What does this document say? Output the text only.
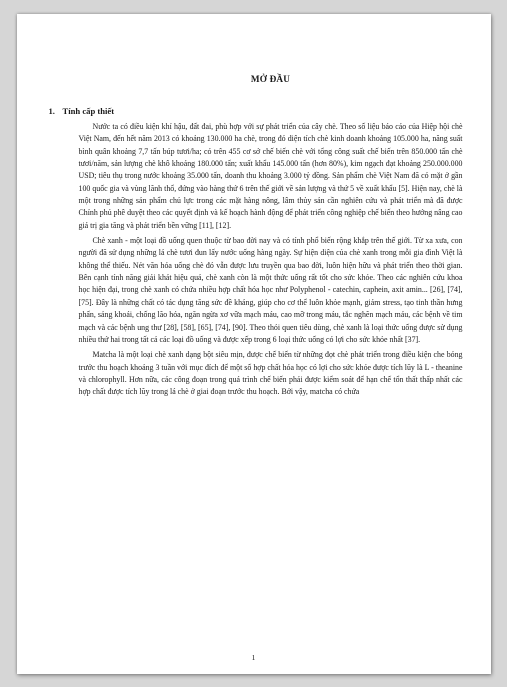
MỞ ĐẦU
1. Tính cấp thiết

Nước ta có điều kiện khí hậu, đất đai, phù hợp với sự phát triển của cây chè. Theo số liệu báo cáo của Hiệp hội chè Việt Nam, đến hết năm 2013 có khoảng 130.000 ha chè, trong đó diện tích chè kinh doanh khoảng 105.000 ha, năng suất bình quân khoảng 7,7 tấn búp tươi/ha; có trên 455 cơ sở chế biến chè với tổng công suất chế biến trên 850.000 tấn chè tươi/năm, sản lượng chè khô khoảng 180.000 tấn; xuất khẩu 145.000 tấn (hơn 80%), kim ngạch đạt khoảng 250.000.000 USD; tiêu thụ trong nước khoảng 35.000 tấn, doanh thu khoảng 3.000 tỷ đồng. Sản phẩm chè Việt Nam đã có mặt ở gần 100 quốc gia và vùng lãnh thổ, đứng vào hàng thứ 6 trên thế giới về sản lượng và thứ 5 về xuất khẩu [5]. Hiện nay, chè là một trong những sản phẩm chủ lực trong các mặt hàng nông, lâm thủy sản cần nghiên cứu và phát triển mà đã được Chính phủ phê duyệt theo các quyết định và kế hoạch hành động để phát triển công nghiệp chế biến theo hướng nâng cao giá trị gia tăng và phát triển bền vững [11], [12].

Chè xanh - một loại đồ uống quen thuộc từ bao đời nay và có tính phổ biến rộng khắp trên thế giới. Từ xa xưa, con người đã sử dụng những lá chè tươi đun lấy nước uống hàng ngày. Sự hiện diện của chè xanh trong mỗi gia đình Việt là không thể thiếu. Nét văn hóa uống chè đó vẫn được lưu truyền qua bao đời, luôn hiện hữu và phát triển theo thời gian. Bên cạnh tính năng giải khát hiệu quả, chè xanh còn là một thức uống rất tốt cho sức khỏe. Theo các nghiên cứu khoa học hiện đại, trong chè xanh có chứa nhiều hợp chất hóa học như Polyphenol - catechin, caphein, axit amin... [26], [74], [75]. Đây là những chất có tác dụng tăng sức đề kháng, giúp cho cơ thể luôn khỏe mạnh, giảm stress, tạo tinh thần hưng phấn, sảng khoái, chống lão hóa, ngăn ngừa xơ vữa mạch máu, cao mỡ trong máu, tắc nghẽn mạch máu, các bệnh về tim mạch và các bệnh ung thư [28], [58], [65], [74], [90]. Theo thói quen tiêu dùng, chè xanh là loại thức uống được sử dụng nhiều thứ hai trong tất cả các loại đồ uống và được xếp trong 6 loại thức uống có lợi cho sức khỏe nhất [37].

Matcha là một loại chè xanh dạng bột siêu mịn, được chế biến từ những đọt chè phát triển trong điều kiện che bóng trước thu hoạch khoảng 3 tuần với mục đích để một số hợp chất hóa học có lợi cho sức khỏe được tích lũy là L - theanine và chlorophyll. Hơn nữa, các công đoạn trong quá trình chế biến phải được kiểm soát để hạn chế tổn thất thấp nhất các hợp chất được tích lũy trong lá chè ở giai đoạn trước thu hoạch. Bởi vậy, matcha có chứa

1
